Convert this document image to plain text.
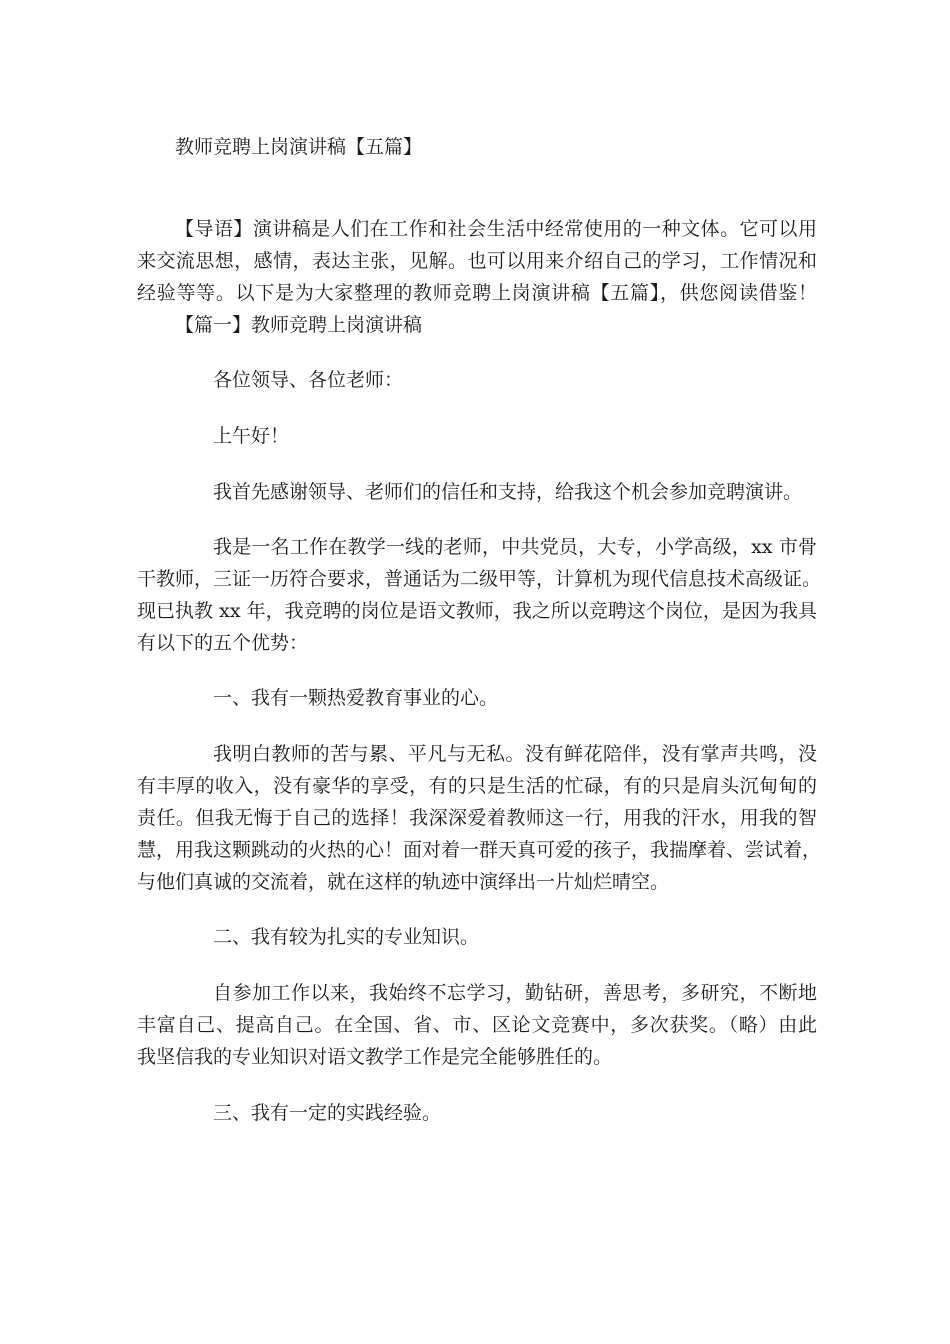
教师竞聘上岗演讲稿【五篇】
【导语】演讲稿是人们在工作和社会生活中经常使用的一种文体。它可以用
来交流思想，感情，表达主张，见解。也可以用来介绍自己的学习，工作情况和
经验等等。以下是为大家整理的教师竞聘上岗演讲稿【五篇】，供您阅读借鉴！
【篇一】教师竞聘上岗演讲稿
各位领导、各位老师：
上午好！
我首先感谢领导、老师们的信任和支持，给我这个机会参加竞聘演讲。
我是一名工作在教学一线的老师，中共党员，大专，小学高级，xx 市骨
干教师，三证一历符合要求，普通话为二级甲等，计算机为现代信息技术高级证。
现已执教 xx 年，我竞聘的岗位是语文教师，我之所以竞聘这个岗位，是因为我具
有以下的五个优势：
一、我有一颗热爱教育事业的心。
我明白教师的苦与累、平凡与无私。没有鲜花陪伴，没有掌声共鸣，没
有丰厚的收入，没有豪华的享受，有的只是生活的忙碌，有的只是肩头沉甸甸的
责任。但我无悔于自己的选择！我深深爱着教师这一行，用我的汗水，用我的智
慧，用我这颗跳动的火热的心！面对着一群天真可爱的孩子，我揣摩着、尝试着，
与他们真诚的交流着，就在这样的轨迹中演绎出一片灿烂晴空。
二、我有较为扎实的专业知识。
自参加工作以来，我始终不忘学习，勤钻研，善思考，多研究，不断地
丰富自己、提高自己。在全国、省、市、区论文竞赛中，多次获奖。（略）由此
我坚信我的专业知识对语文教学工作是完全能够胜任的。
三、我有一定的实践经验。
